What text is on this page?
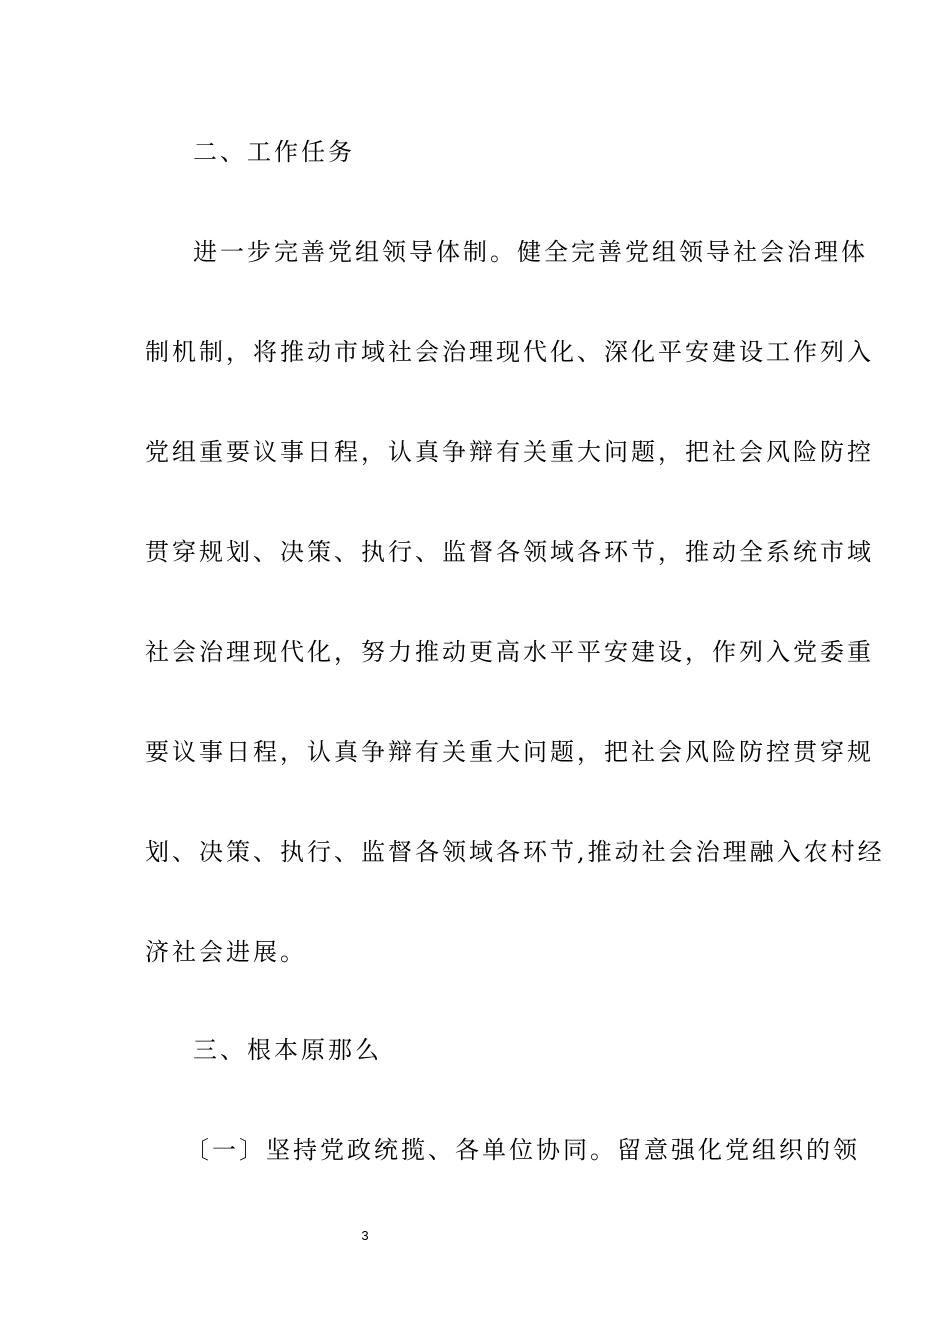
二、工作任务
进一步完善党组领导体制。健全完善党组领导社会治理体
制机制，将推动市域社会治理现代化、深化平安建设工作列入
党组重要议事日程，认真争辩有关重大问题，把社会风险防控
贯穿规划、决策、执行、监督各领域各环节，推动全系统市域
社会治理现代化，努力推动更高水平平安建设，作列入党委重
要议事日程，认真争辩有关重大问题，把社会风险防控贯穿规
划、决策、执行、监督各领域各环节,推动社会治理融入农村经
济社会进展。
三、根本原那么
〔一〕坚持党政统揽、各单位协同。留意强化党组织的领
3
